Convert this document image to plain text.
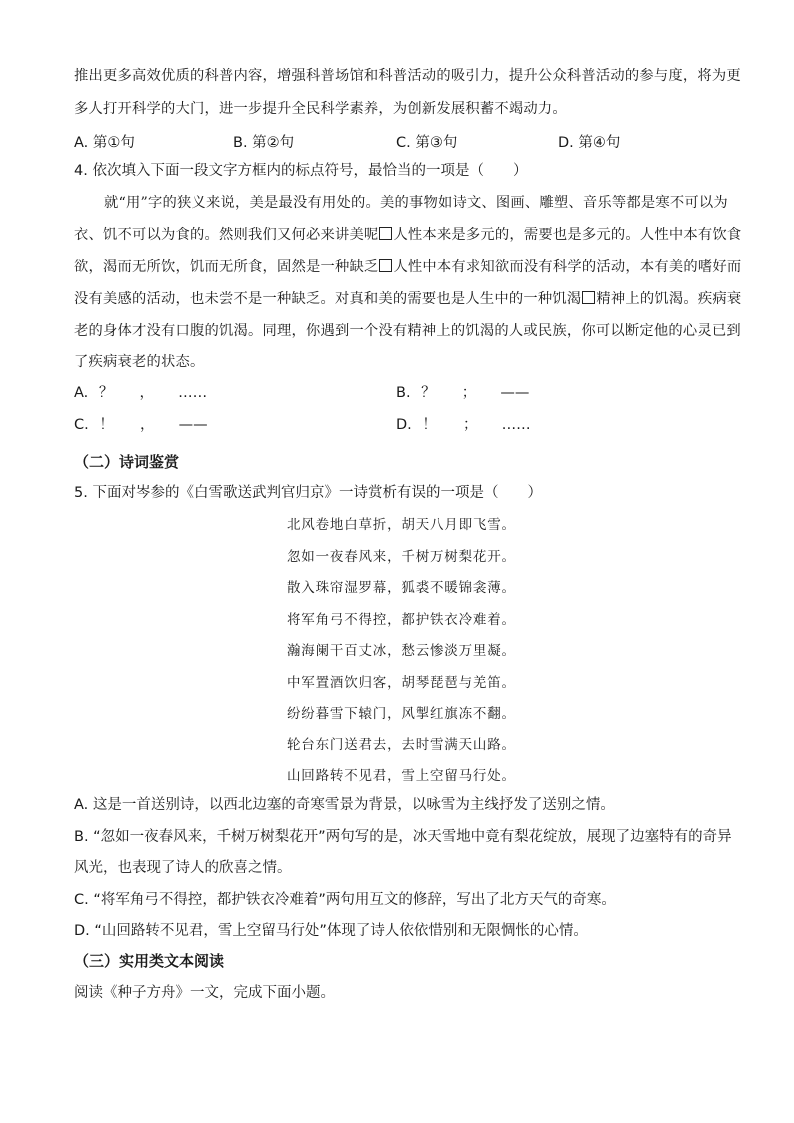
推出更多高效优质的科普内容，增强科普场馆和科普活动的吸引力，提升公众科普活动的参与度，将为更
多人打开科学的大门，进一步提升全民科学素养，为创新发展积蓄不竭动力。
A. 第①句	B. 第②句	C. 第③句	D. 第④句
4. 依次填入下面一段文字方框内的标点符号，最恰当的一项是（　　）
就“用”字的狭义来说，美是最没有用处的。美的事物如诗文、图画、雕塑、音乐等都是寒不可以为
衣、饥不可以为食的。然则我们又何必来讲美呢 人性本来是多元的，需要也是多元的。人性中本有饮食
欲，渴而无所饮，饥而无所食，固然是一种缺乏 人性中本有求知欲而没有科学的活动，本有美的嗜好而
没有美感的活动，也未尝不是一种缺乏。对真和美的需要也是人生中的一种饥渴 精神上的饥渴。疾病衰
老的身体才没有口腹的饥渴。同理，你遇到一个没有精神上的饥渴的人或民族，你可以断定他的心灵已到
了疾病衰老的状态。
A. ？ ， ……	B. ？ ； ——
C. ！ ， ——	D. ！ ； ……
（二）诗词鉴赏
5. 下面对岑参的《白雪歌送武判官归京》一诗赏析有误的一项是（　　）
北风卷地白草折，胡天八月即飞雪。
忽如一夜春风来，千树万树梨花开。
散入珠帘湿罗幕，狐裘不暖锦衾薄。
将军角弓不得控，都护铁衣冷难着。
瀚海阑干百丈冰，愁云惨淡万里凝。
中军置酒饮归客，胡琴琵琶与羌笛。
纷纷暮雪下辕门，风掣红旗冻不翻。
轮台东门送君去，去时雪满天山路。
山回路转不见君，雪上空留马行处。
A. 这是一首送别诗，以西北边塞的奇寒雪景为背景，以咏雪为主线抒发了送别之情。
B. “忽如一夜春风来，千树万树梨花开”两句写的是，冰天雪地中竟有梨花绽放，展现了边塞特有的奇异
风光，也表现了诗人的欣喜之情。
C. “将军角弓不得控，都护铁衣冷难着”两句用互文的修辞，写出了北方天气的奇寒。
D. “山回路转不见君，雪上空留马行处”体现了诗人依依惜别和无限惆怅的心情。
（三）实用类文本阅读
阅读《种子方舟》一文，完成下面小题。
